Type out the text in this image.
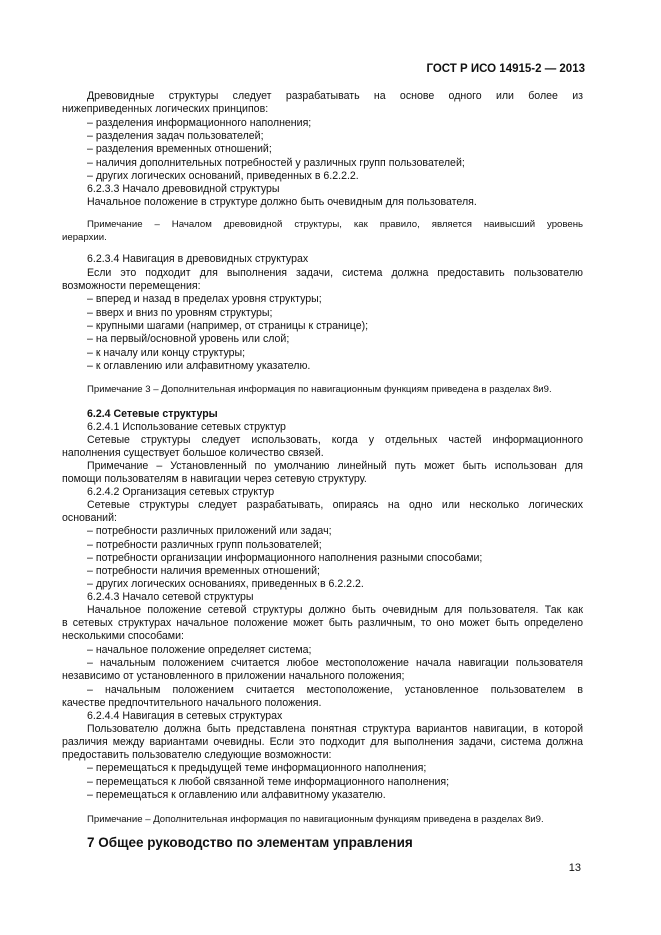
ГОСТ Р ИСО 14915-2 — 2013
Древовидные структуры следует разрабатывать на основе одного или более из
нижеприведенных логических принципов:
– разделения информационного наполнения;
– разделения задач пользователей;
– разделения временных отношений;
– наличия дополнительных потребностей у различных групп пользователей;
– других логических оснований, приведенных в 6.2.2.2.
6.2.3.3 Начало древовидной структуры
Начальное положение в структуре должно быть очевидным для пользователя.
Примечание – Началом древовидной структуры, как правило, является наивысший уровень
иерархии.
6.2.3.4 Навигация в древовидных структурах
Если это подходит для выполнения задачи, система должна предоставить пользователю
возможности перемещения:
– вперед и назад в пределах уровня структуры;
– вверх и вниз по уровням структуры;
– крупными шагами (например, от страницы к странице);
– на первый/основной уровень или слой;
– к началу или концу структуры;
– к оглавлению или алфавитному указателю.
Примечание 3 – Дополнительная информация по навигационным функциям приведена в разделах 8и9.
6.2.4 Сетевые структуры
6.2.4.1 Использование сетевых структур
Сетевые структуры следует использовать, когда у отдельных частей информационного
наполнения существует большое количество связей.
Примечание – Установленный по умолчанию линейный путь может быть использован для
помощи пользователям в навигации через сетевую структуру.
6.2.4.2 Организация сетевых структур
Сетевые структуры следует разрабатывать, опираясь на одно или несколько логических
оснований:
– потребности различных приложений или задач;
– потребности различных групп пользователей;
– потребности организации информационного наполнения разными способами;
– потребности наличия временных отношений;
– других логических основаниях, приведенных в 6.2.2.2.
6.2.4.3 Начало сетевой структуры
Начальное положение сетевой структуры должно быть очевидным для пользователя. Так как
в сетевых структурах начальное положение может быть различным, то оно может быть определено
несколькими способами:
– начальное положение определяет система;
– начальным положением считается любое местоположение начала навигации пользователя
независимо от установленного в приложении начального положения;
– начальным положением считается местоположение, установленное пользователем в
качестве предпочтительного начального положения.
6.2.4.4 Навигация в сетевых структурах
Пользователю должна быть представлена понятная структура вариантов навигации, в которой
различия между вариантами очевидны. Если это подходит для выполнения задачи, система должна
предоставить пользователю следующие возможности:
– перемещаться к предыдущей теме информационного наполнения;
– перемещаться к любой связанной теме информационного наполнения;
– перемещаться к оглавлению или алфавитному указателю.
Примечание – Дополнительная информация по навигационным функциям приведена в разделах 8и9.
7 Общее руководство по элементам управления
13
